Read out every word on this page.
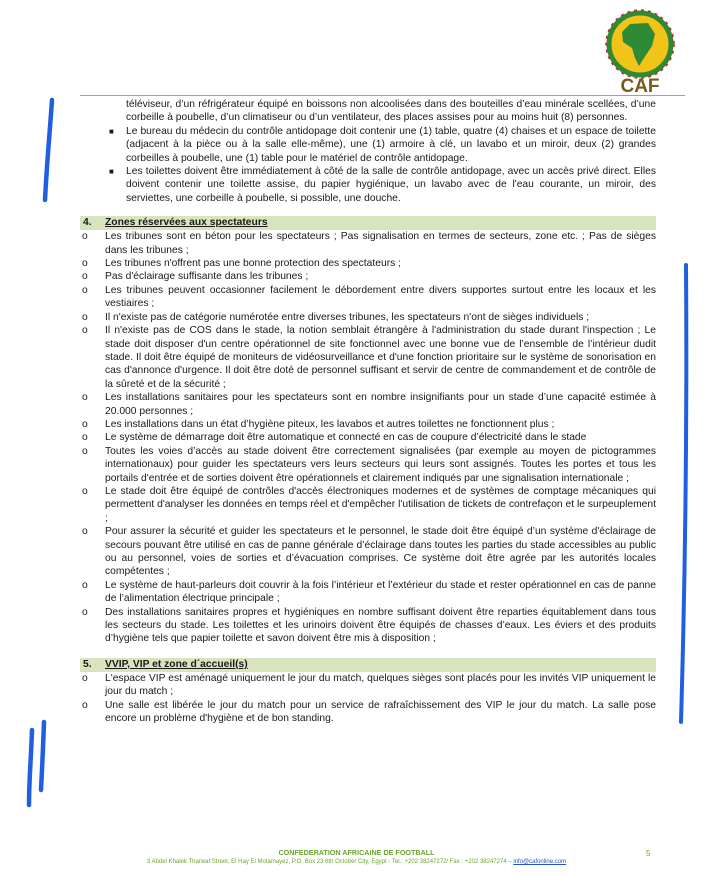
CAF
téléviseur, d’un réfrigérateur équipé en boissons non alcoolisées dans des bouteilles d’eau minérale scellées, d’une corbeille à poubelle, d’un climatiseur ou d’un ventilateur, des places assises pour au moins huit (8) personnes.
■ Le bureau du médecin du contrôle antidopage doit contenir une (1) table, quatre (4) chaises et un espace de toilette (adjacent à la pièce ou à la salle elle-même), une (1) armoire à clé, un lavabo et un miroir, deux (2) grandes corbeilles à poubelle, une (1) table pour le matériel de contrôle antidopage.
■ Les toilettes doivent être immédiatement à côté de la salle de contrôle antidopage, avec un accès privé direct. Elles doivent contenir une toilette assise, du papier hygiénique, un lavabo avec de l'eau courante, un miroir, des serviettes, une corbeille à poubelle, si possible, une douche.
4. Zones réservées aux spectateurs
o Les tribunes sont en béton pour les spectateurs ; Pas signalisation en termes de secteurs, zone etc. ; Pas de sièges dans les tribunes ;
o Les tribunes n'offrent pas une bonne protection des spectateurs ;
o Pas d'éclairage suffisante dans les tribunes ;
o Les tribunes peuvent occasionner facilement le débordement entre divers supportes surtout entre les locaux et les vestiaires ;
o Il n'existe pas de catégorie numérotée entre diverses tribunes, les spectateurs n'ont de sièges individuels ;
o Il n'existe pas de COS dans le stade, la notion semblait étrangère à l'administration du stade durant l'inspection ; Le stade doit disposer d'un centre opérationnel de site fonctionnel avec une bonne vue de l’ensemble de l’intérieur dudit stade. Il doit être équipé de moniteurs de vidéosurveillance et d'une fonction prioritaire sur le système de sonorisation en cas d'annonce d'urgence. Il doit être doté de personnel suffisant et servir de centre de commandement et de contrôle de la sûreté et de la sécurité ;
o Les installations sanitaires pour les spectateurs sont en nombre insignifiants pour un stade d’une capacité estimée à 20.000 personnes ;
o Les installations dans un état d’hygiène piteux, les lavabos et autres toilettes ne fonctionnent plus ;
o Le système de démarrage doit être automatique et connecté en cas de coupure d’électricité dans le stade
o Toutes les voies d’accès au stade doivent être correctement signalisées (par exemple au moyen de pictogrammes internationaux) pour guider les spectateurs vers leurs secteurs qui leurs sont assignés. Toutes les portes et tous les portails d'entrée et de sorties doivent être opérationnels et clairement indiqués par une signalisation internationale ;
o Le stade doit être équipé de contrôles d'accès électroniques modernes et de systèmes de comptage mécaniques qui permettent d'analyser les données en temps réel et d'empêcher l'utilisation de tickets de contrefaçon et le surpeuplement ;
o Pour assurer la sécurité et guider les spectateurs et le personnel, le stade doit être équipé d’un système d'éclairage de secours pouvant être utilisé en cas de panne générale d’éclairage dans toutes les parties du stade accessibles au public ou au personnel, voies de sorties et d’évacuation comprises. Ce système doit être agrée par les autorités locales compétentes ;
o Le système de haut-parleurs doit couvrir à la fois l’intérieur et l’extérieur du stade et rester opérationnel en cas de panne de l’alimentation électrique principale ;
o Des installations sanitaires propres et hygiéniques en nombre suffisant doivent être reparties équitablement dans tous les secteurs du stade. Les toilettes et les urinoirs doivent être équipés de chasses d’eaux. Les éviers et des produits d’hygiène tels que papier toilette et savon doivent être mis à disposition ;
5. VVIP, VIP et zone d´accueil(s)
o L'espace VIP est aménagé uniquement le jour du match, quelques sièges sont placés pour les invités VIP uniquement le jour du match ;
o Une salle est libérée le jour du match pour un service de rafraîchissement des VIP le jour du match. La salle pose encore un problème d'hygiène et de bon standing.
CONFEDERATION AFRICAINE DE FOOTBALL
3 Abdel Khalek Tharwat Street, El Hay El Motamayez, P.O. Box 23 6th October City, Egypt - Tel.: +202 38247272/ Fax : +202 38247274 – info@cafonline.com
5
